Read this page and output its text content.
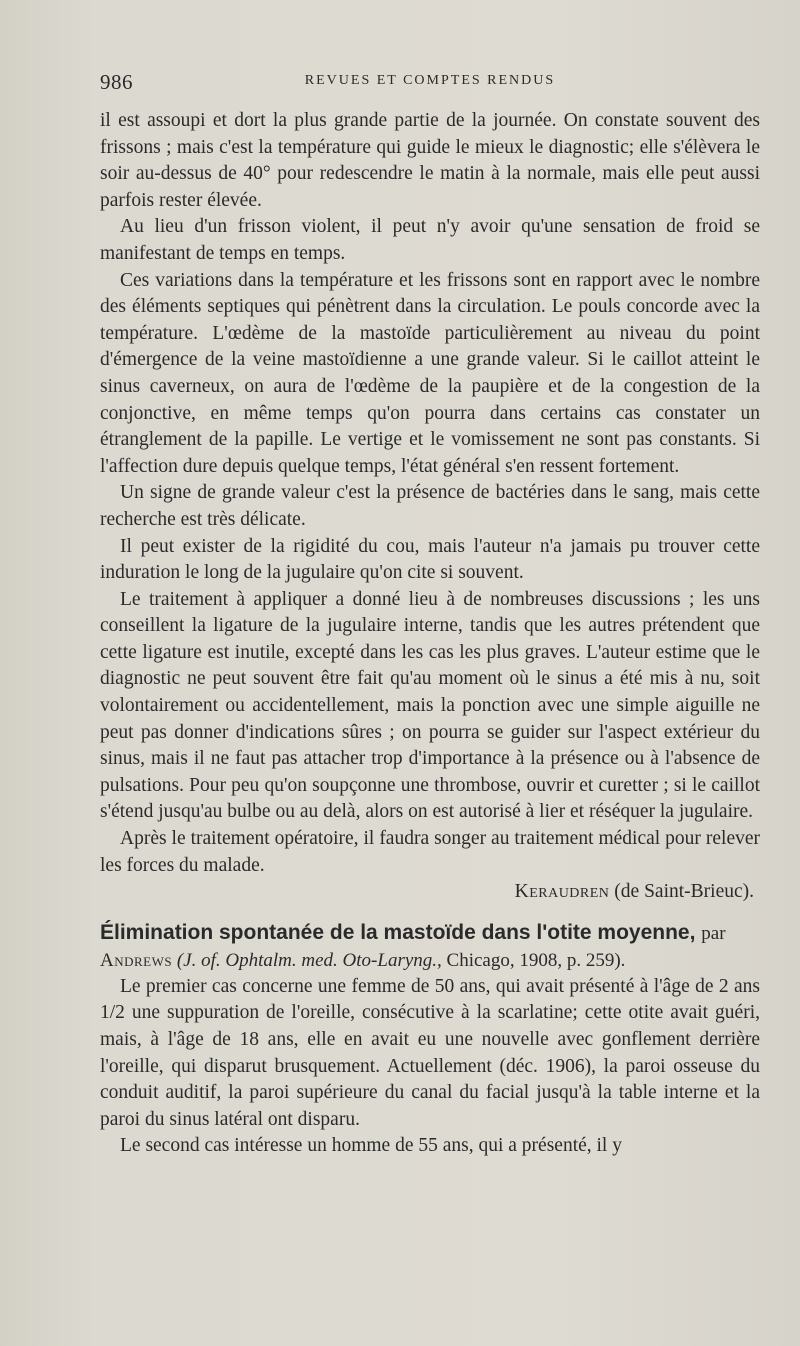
986	REVUES ET COMPTES RENDUS

il est assoupi et dort la plus grande partie de la journée. On constate souvent des frissons ; mais c'est la température qui guide le mieux le diagnostic; elle s'élèvera le soir au-dessus de 40° pour redescendre le matin à la normale, mais elle peut aussi parfois rester élevée.

Au lieu d'un frisson violent, il peut n'y avoir qu'une sensation de froid se manifestant de temps en temps.

Ces variations dans la température et les frissons sont en rapport avec le nombre des éléments septiques qui pénètrent dans la circulation. Le pouls concorde avec la température. L'œdème de la mastoïde particulièrement au niveau du point d'émergence de la veine mastoïdienne a une grande valeur. Si le caillot atteint le sinus caverneux, on aura de l'œdème de la paupière et de la congestion de la conjonctive, en même temps qu'on pourra dans certains cas constater un étranglement de la papille. Le vertige et le vomissement ne sont pas constants. Si l'affection dure depuis quelque temps, l'état général s'en ressent fortement.

Un signe de grande valeur c'est la présence de bactéries dans le sang, mais cette recherche est très délicate.

Il peut exister de la rigidité du cou, mais l'auteur n'a jamais pu trouver cette induration le long de la jugulaire qu'on cite si souvent.

Le traitement à appliquer a donné lieu à de nombreuses discussions ; les uns conseillent la ligature de la jugulaire interne, tandis que les autres prétendent que cette ligature est inutile, excepté dans les cas les plus graves. L'auteur estime que le diagnostic ne peut souvent être fait qu'au moment où le sinus a été mis à nu, soit volontairement ou accidentellement, mais la ponction avec une simple aiguille ne peut pas donner d'indications sûres ; on pourra se guider sur l'aspect extérieur du sinus, mais il ne faut pas attacher trop d'importance à la présence ou à l'absence de pulsations. Pour peu qu'on soupçonne une thrombose, ouvrir et curetter ; si le caillot s'étend jusqu'au bulbe ou au delà, alors on est autorisé à lier et réséquer la jugulaire.

Après le traitement opératoire, il faudra songer au traitement médical pour relever les forces du malade.

Keraudren (de Saint-Brieuc).

Élimination spontanée de la mastoïde dans l'otite moyenne, par Andrews (J. of. Ophtalm. med. Oto-Laryng., Chicago, 1908, p. 259).

Le premier cas concerne une femme de 50 ans, qui avait présenté à l'âge de 2 ans 1/2 une suppuration de l'oreille, consécutive à la scarlatine; cette otite avait guéri, mais, à l'âge de 18 ans, elle en avait eu une nouvelle avec gonflement derrière l'oreille, qui disparut brusquement. Actuellement (déc. 1906), la paroi osseuse du conduit auditif, la paroi supérieure du canal du facial jusqu'à la table interne et la paroi du sinus latéral ont disparu.

Le second cas intéresse un homme de 55 ans, qui a présenté, il y
